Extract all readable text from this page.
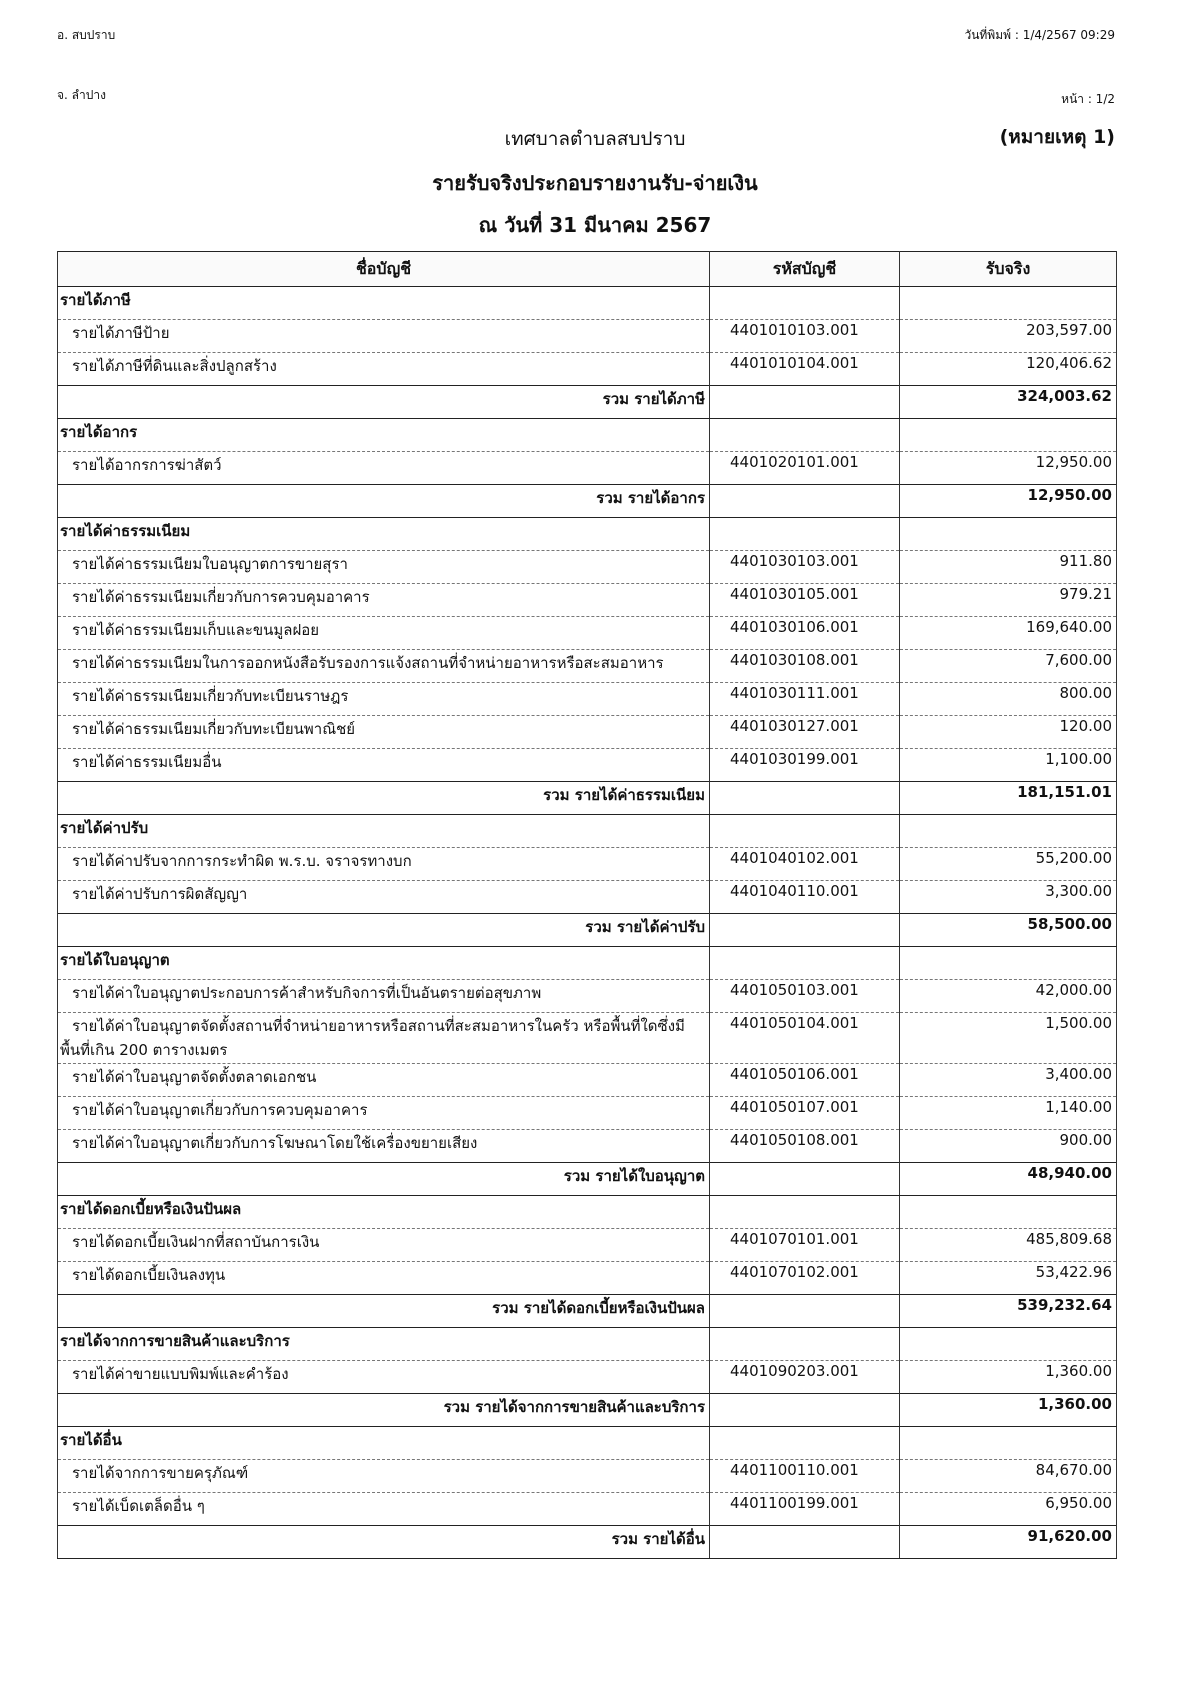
อ. สบปราบ
จ. ลำปาง
วันที่พิมพ์ : 1/4/2567 09:29
หน้า : 1/2
เทศบาลตำบลสบปราบ	(หมายเหตุ 1)
รายรับจริงประกอบรายงานรับ-จ่ายเงิน
ณ วันที่ 31 มีนาคม 2567
ชื่อบัญชี	รหัสบัญชี	รับจริง
รายได้ภาษี		
รายได้ภาษีป้าย	4401010103.001	203,597.00
รายได้ภาษีที่ดินและสิ่งปลูกสร้าง	4401010104.001	120,406.62
รวม รายได้ภาษี		324,003.62
รายได้อากร		
รายได้อากรการฆ่าสัตว์	4401020101.001	12,950.00
รวม รายได้อากร		12,950.00
รายได้ค่าธรรมเนียม		
รายได้ค่าธรรมเนียมใบอนุญาตการขายสุรา	4401030103.001	911.80
รายได้ค่าธรรมเนียมเกี่ยวกับการควบคุมอาคาร	4401030105.001	979.21
รายได้ค่าธรรมเนียมเก็บและขนมูลฝอย	4401030106.001	169,640.00
รายได้ค่าธรรมเนียมในการออกหนังสือรับรองการแจ้งสถานที่จำหน่ายอาหารหรือสะสมอาหาร	4401030108.001	7,600.00
รายได้ค่าธรรมเนียมเกี่ยวกับทะเบียนราษฎร	4401030111.001	800.00
รายได้ค่าธรรมเนียมเกี่ยวกับทะเบียนพาณิชย์	4401030127.001	120.00
รายได้ค่าธรรมเนียมอื่น	4401030199.001	1,100.00
รวม รายได้ค่าธรรมเนียม		181,151.01
รายได้ค่าปรับ		
รายได้ค่าปรับจากการกระทำผิด พ.ร.บ. จราจรทางบก	4401040102.001	55,200.00
รายได้ค่าปรับการผิดสัญญา	4401040110.001	3,300.00
รวม รายได้ค่าปรับ		58,500.00
รายได้ใบอนุญาต		
รายได้ค่าใบอนุญาตประกอบการค้าสำหรับกิจการที่เป็นอันตรายต่อสุขภาพ	4401050103.001	42,000.00
รายได้ค่าใบอนุญาตจัดตั้งสถานที่จำหน่ายอาหารหรือสถานที่สะสมอาหารในครัว หรือพื้นที่ใดซึ่งมีพื้นที่เกิน 200 ตารางเมตร	4401050104.001	1,500.00
รายได้ค่าใบอนุญาตจัดตั้งตลาดเอกชน	4401050106.001	3,400.00
รายได้ค่าใบอนุญาตเกี่ยวกับการควบคุมอาคาร	4401050107.001	1,140.00
รายได้ค่าใบอนุญาตเกี่ยวกับการโฆษณาโดยใช้เครื่องขยายเสียง	4401050108.001	900.00
รวม รายได้ใบอนุญาต		48,940.00
รายได้ดอกเบี้ยหรือเงินปันผล		
รายได้ดอกเบี้ยเงินฝากที่สถาบันการเงิน	4401070101.001	485,809.68
รายได้ดอกเบี้ยเงินลงทุน	4401070102.001	53,422.96
รวม รายได้ดอกเบี้ยหรือเงินปันผล		539,232.64
รายได้จากการขายสินค้าและบริการ		
รายได้ค่าขายแบบพิมพ์และคำร้อง	4401090203.001	1,360.00
รวม รายได้จากการขายสินค้าและบริการ		1,360.00
รายได้อื่น		
รายได้จากการขายครุภัณฑ์	4401100110.001	84,670.00
รายได้เบ็ดเตล็ดอื่น ๆ	4401100199.001	6,950.00
รวม รายได้อื่น		91,620.00
